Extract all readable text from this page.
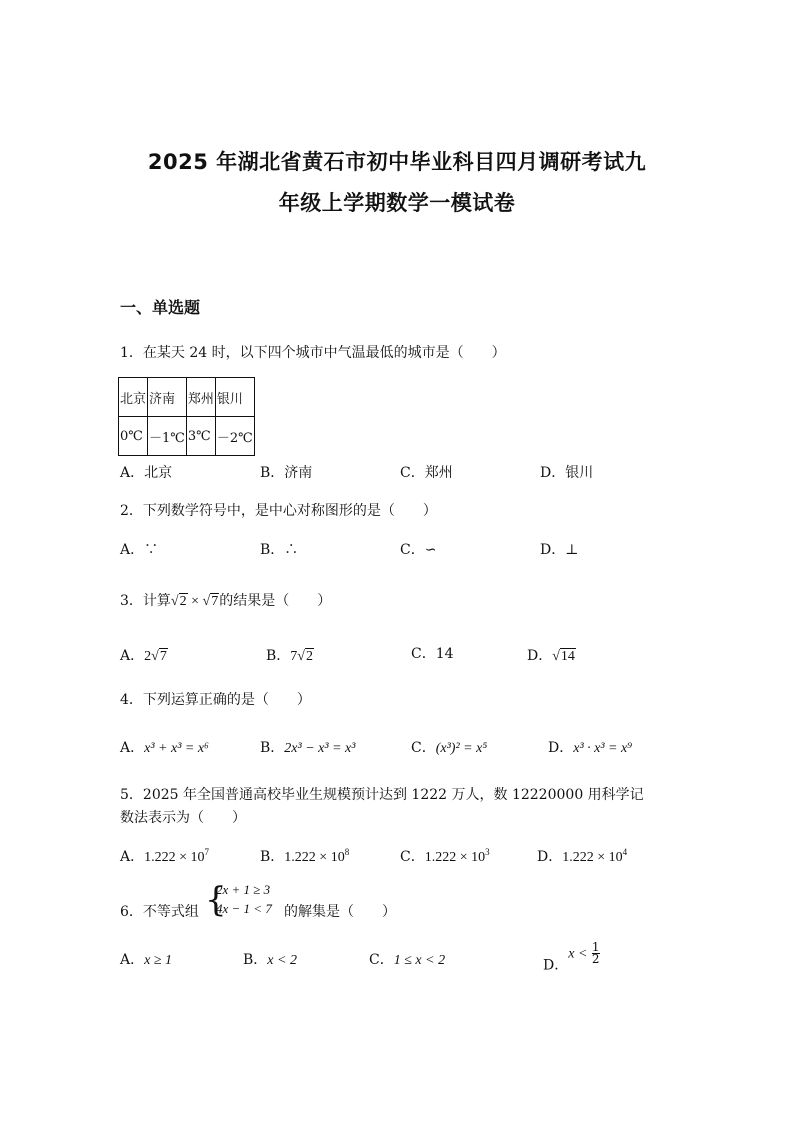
2025 年湖北省黄石市初中毕业科目四月调研考试九
年级上学期数学一模试卷
一、单选题
1．在某天 24 时，以下四个城市中气温最低的城市是（　　）
北京	济南	郑州	银川
0℃	－1℃	3℃	－2℃
A．北京	B．济南	C．郑州	D．银川
2．下列数学符号中，是中心对称图形的是（　　）
A．∵	B．∴	C．∽	D．⊥
3．计算√2 × √7的结果是（　　）
A．2√7	B．7√2	C．14	D．√14
4．下列运算正确的是（　　）
A．x³ + x³ = x⁶	B．2x³ − x³ = x³	C．(x³)² = x⁵	D．x³ · x³ = x⁹
5．2025 年全国普通高校毕业生规模预计达到 1222 万人，数 12220000 用科学记
数法表示为（　　）
A．$1.222 \times 10^7$	B．$1.222 \times 10^8$	C．$1.222 \times 10^3$	D．$1.222 \times 10^4$
6．不等式组 {
2x + 1 ≥ 3
4x − 1 < 7 的解集是（　　）
A．x ≥ 1	B．x < 2	C．1 ≤ x < 2	D．$x < \frac{1}{2}$
